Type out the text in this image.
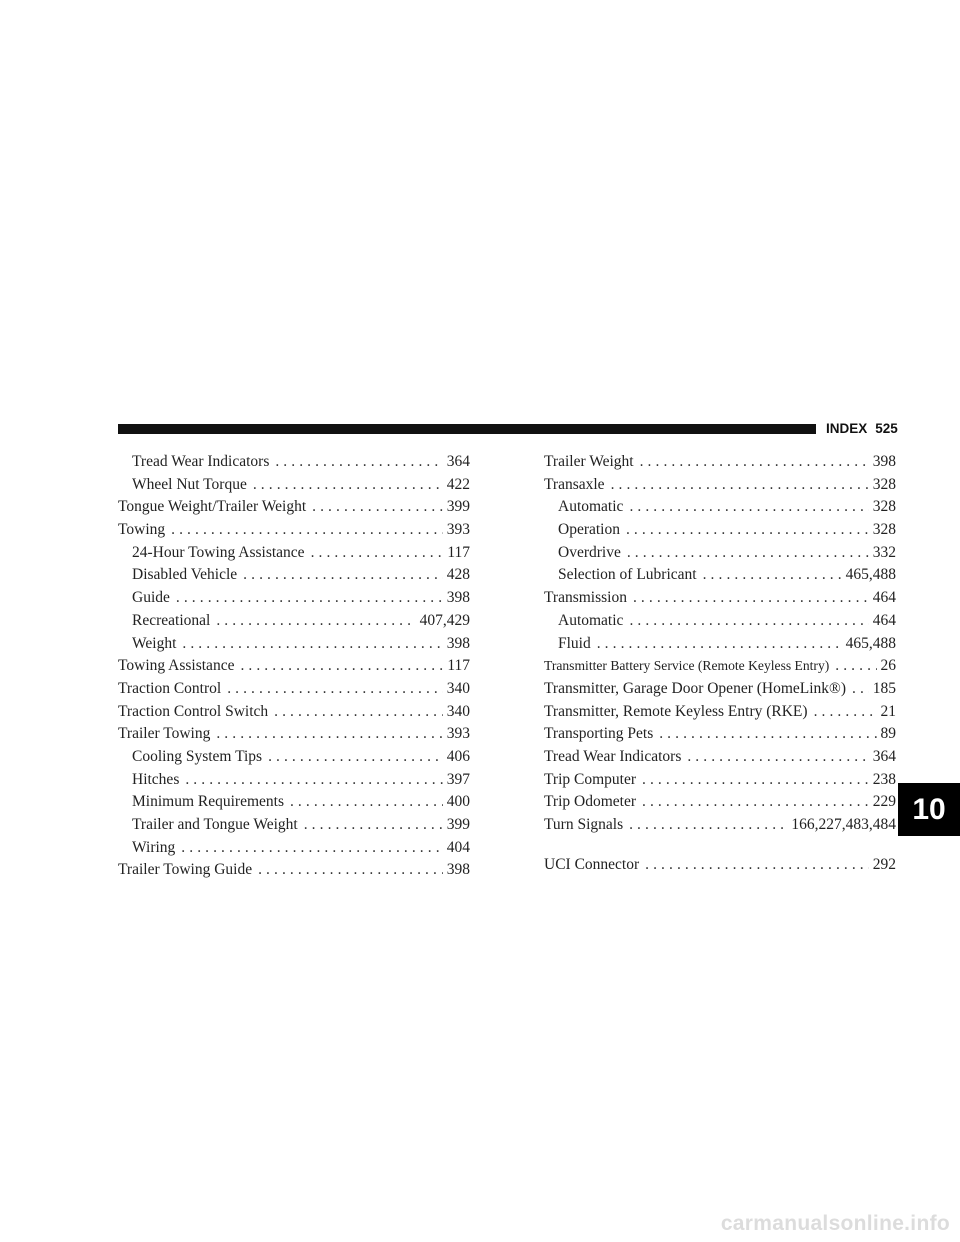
INDEX 525
Tread Wear Indicators . . .	364
Wheel Nut Torque . . .	422
Tongue Weight/Trailer Weight . . .	399
Towing . . .	393
24-Hour Towing Assistance . . .	117
Disabled Vehicle . . .	428
Guide . . .	398
Recreational . . .	407,429
Weight . . .	398
Towing Assistance . . .	117
Traction Control . . .	340
Traction Control Switch . . .	340
Trailer Towing . . .	393
Cooling System Tips . . .	406
Hitches . . .	397
Minimum Requirements . . .	400
Trailer and Tongue Weight . . .	399
Wiring . . .	404
Trailer Towing Guide . . .	398
Trailer Weight . . .	398
Transaxle . . .	328
Automatic . . .	328
Operation . . .	328
Overdrive . . .	332
Selection of Lubricant . . .	465,488
Transmission . . .	464
Automatic . . .	464
Fluid . . .	465,488
Transmitter Battery Service (Remote Keyless Entry) . . .	26
Transmitter, Garage Door Opener (HomeLink®) . . . 185
Transmitter, Remote Keyless Entry (RKE) . . .	21
Transporting Pets . . .	89
Tread Wear Indicators . . .	364
Trip Computer . . .	238
Trip Odometer . . .	229
Turn Signals . . .	166,227,483,484
UCI Connector . . .	292
10
carmanualsonline.info
